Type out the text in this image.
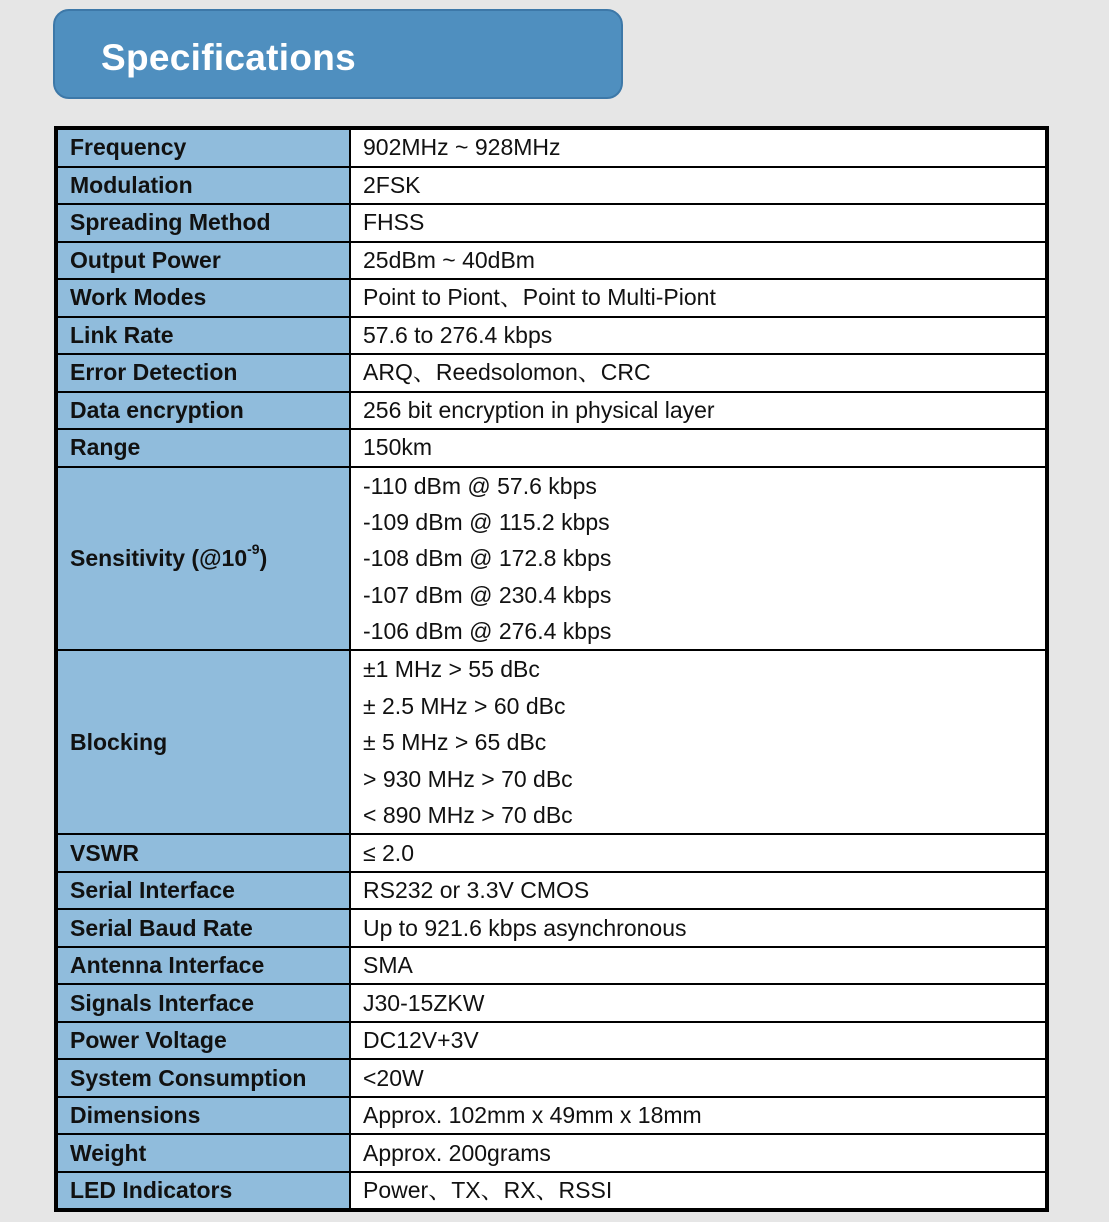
Specifications
Frequency	902MHz ~ 928MHz
Modulation	2FSK
Spreading Method	FHSS
Output Power	25dBm ~ 40dBm
Work Modes	Point to Piont、Point to Multi-Piont
Link Rate	57.6 to 276.4 kbps
Error Detection	ARQ、Reedsolomon、CRC
Data encryption	256 bit encryption in physical layer
Range	150km
Sensitivity $(@10^{-9})$	-110 dBm @ 57.6 kbps
-109 dBm @ 115.2 kbps
-108 dBm @ 172.8 kbps
-107 dBm @ 230.4 kbps
-106 dBm @ 276.4 kbps

Blocking	±1 MHz > 55 dBc
± 2.5 MHz > 60 dBc
± 5 MHz > 65 dBc
> 930 MHz > 70 dBc
< 890 MHz > 70 dBc

VSWR	≤ 2.0
Serial Interface	RS232 or 3.3V CMOS
Serial Baud Rate	Up to 921.6 kbps asynchronous
Antenna Interface	SMA
Signals Interface	J30-15ZKW
Power Voltage	DC12V+3V
System Consumption	<20W
Dimensions	Approx. 102mm x 49mm x 18mm
Weight	Approx. 200grams
LED Indicators	Power、TX、RX、RSSI
